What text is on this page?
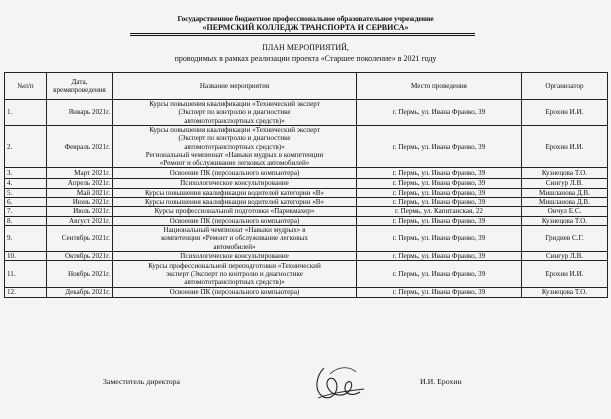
Государственное бюджетное профессиональное образовательное учреждение
«ПЕРМСКИЙ КОЛЛЕДЖ ТРАНСПОРТА И СЕРВИСА»
ПЛАН МЕРОПРИЯТИЙ,
проводимых в рамках реализации проекта «Старшее поколение» в 2021 году
№п/п	Дата, времяпроведения	Название мероприятия	Место проведения	Организатор
1.	Январь 2021г.	Курсы повышения квалификации «Технический эксперт
(Эксперт по контролю и диагностике
автомототранспортных средств)»	г. Пермь, ул. Ивана Франко, 39	Ерохин И.И.
2.	Февраль 2021г.	Курсы повышения квалификации «Технический эксперт
(Эксперт по контролю и диагностике
автомототранспортных средств)»
Региональный чемпионат «Навыки мудрых в компетенции
«Ремонт и обслуживание легковых автомобилей»	г. Пермь, ул. Ивана Франко, 39	Ерохин И.И.
3.	Март 2021г.	Освоение ПК (персонального компьютера)	г. Пермь, ул. Ивана Франко, 39	Кузнецова Т.О.
4.	Апрель 2021г.	Психологическое консультирование	г. Пермь, ул. Ивана Франко, 39	Сингур Л.В.
5.	Май 2021г.	Курсы повышения квалификации водителей категории «В»	г. Пермь, ул. Ивана Франко, 39	Мишланова Д.В.
6.	Июнь 2021г.	Курсы повышения квалификации водителей категории «В»	г. Пермь, ул. Ивана Франко, 39	Мишланова Д.В.
7.	Июль 2021г.	Курсы профессиональной подготовки «Парикмахер»	г. Пермь, ул. Капитанская, 22	Ончул Е.С.
8.	Август 2021г.	Освоение ПК (персонального компьютера)	г. Пермь, ул. Ивана Франко, 39	Кузнецова Т.О.
9.	Сентябрь 2021г.	Национальный чемпионат «Навыки мудрых» в
компетенции «Ремонт и обслуживание легковых
автомобилей»	г. Пермь, ул. Ивана Франко, 39	Гридиев С.Г.
10.	Октябрь 2021г.	Психологическое консультирование	г. Пермь, ул. Ивана Франко, 39	Сингур Л.В.
11.	Ноябрь 2021г.	Курсы профессиональной переподготовки «Технический
эксперт (Эксперт по контролю и диагностике
автомототранспортных средств)»	г. Пермь, ул. Ивана Франко, 39	Ерохин И.И.
12.	Декабрь 2021г.	Освоение ПК (персонального компьютера)	г. Пермь, ул. Ивана Франко, 39	Кузнецова Т.О.
Заместитель директора	И.И. Ерохин
